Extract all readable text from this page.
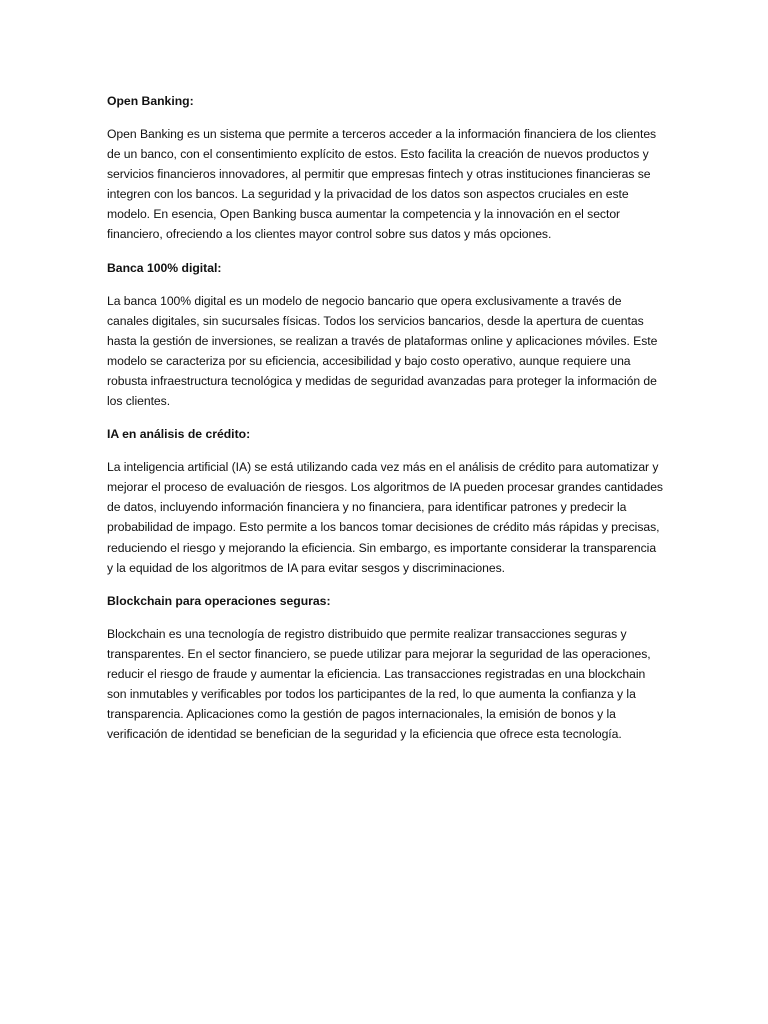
Open Banking:

Open Banking es un sistema que permite a terceros acceder a la información financiera de los clientes de un banco, con el consentimiento explícito de estos. Esto facilita la creación de nuevos productos y servicios financieros innovadores, al permitir que empresas fintech y otras instituciones financieras se integren con los bancos. La seguridad y la privacidad de los datos son aspectos cruciales en este modelo. En esencia, Open Banking busca aumentar la competencia y la innovación en el sector financiero, ofreciendo a los clientes mayor control sobre sus datos y más opciones.

Banca 100% digital:

La banca 100% digital es un modelo de negocio bancario que opera exclusivamente a través de canales digitales, sin sucursales físicas. Todos los servicios bancarios, desde la apertura de cuentas hasta la gestión de inversiones, se realizan a través de plataformas online y aplicaciones móviles. Este modelo se caracteriza por su eficiencia, accesibilidad y bajo costo operativo, aunque requiere una robusta infraestructura tecnológica y medidas de seguridad avanzadas para proteger la información de los clientes.

IA en análisis de crédito:

La inteligencia artificial (IA) se está utilizando cada vez más en el análisis de crédito para automatizar y mejorar el proceso de evaluación de riesgos. Los algoritmos de IA pueden procesar grandes cantidades de datos, incluyendo información financiera y no financiera, para identificar patrones y predecir la probabilidad de impago. Esto permite a los bancos tomar decisiones de crédito más rápidas y precisas, reduciendo el riesgo y mejorando la eficiencia. Sin embargo, es importante considerar la transparencia y la equidad de los algoritmos de IA para evitar sesgos y discriminaciones.

Blockchain para operaciones seguras:

Blockchain es una tecnología de registro distribuido que permite realizar transacciones seguras y transparentes. En el sector financiero, se puede utilizar para mejorar la seguridad de las operaciones, reducir el riesgo de fraude y aumentar la eficiencia. Las transacciones registradas en una blockchain son inmutables y verificables por todos los participantes de la red, lo que aumenta la confianza y la transparencia. Aplicaciones como la gestión de pagos internacionales, la emisión de bonos y la verificación de identidad se benefician de la seguridad y la eficiencia que ofrece esta tecnología.
